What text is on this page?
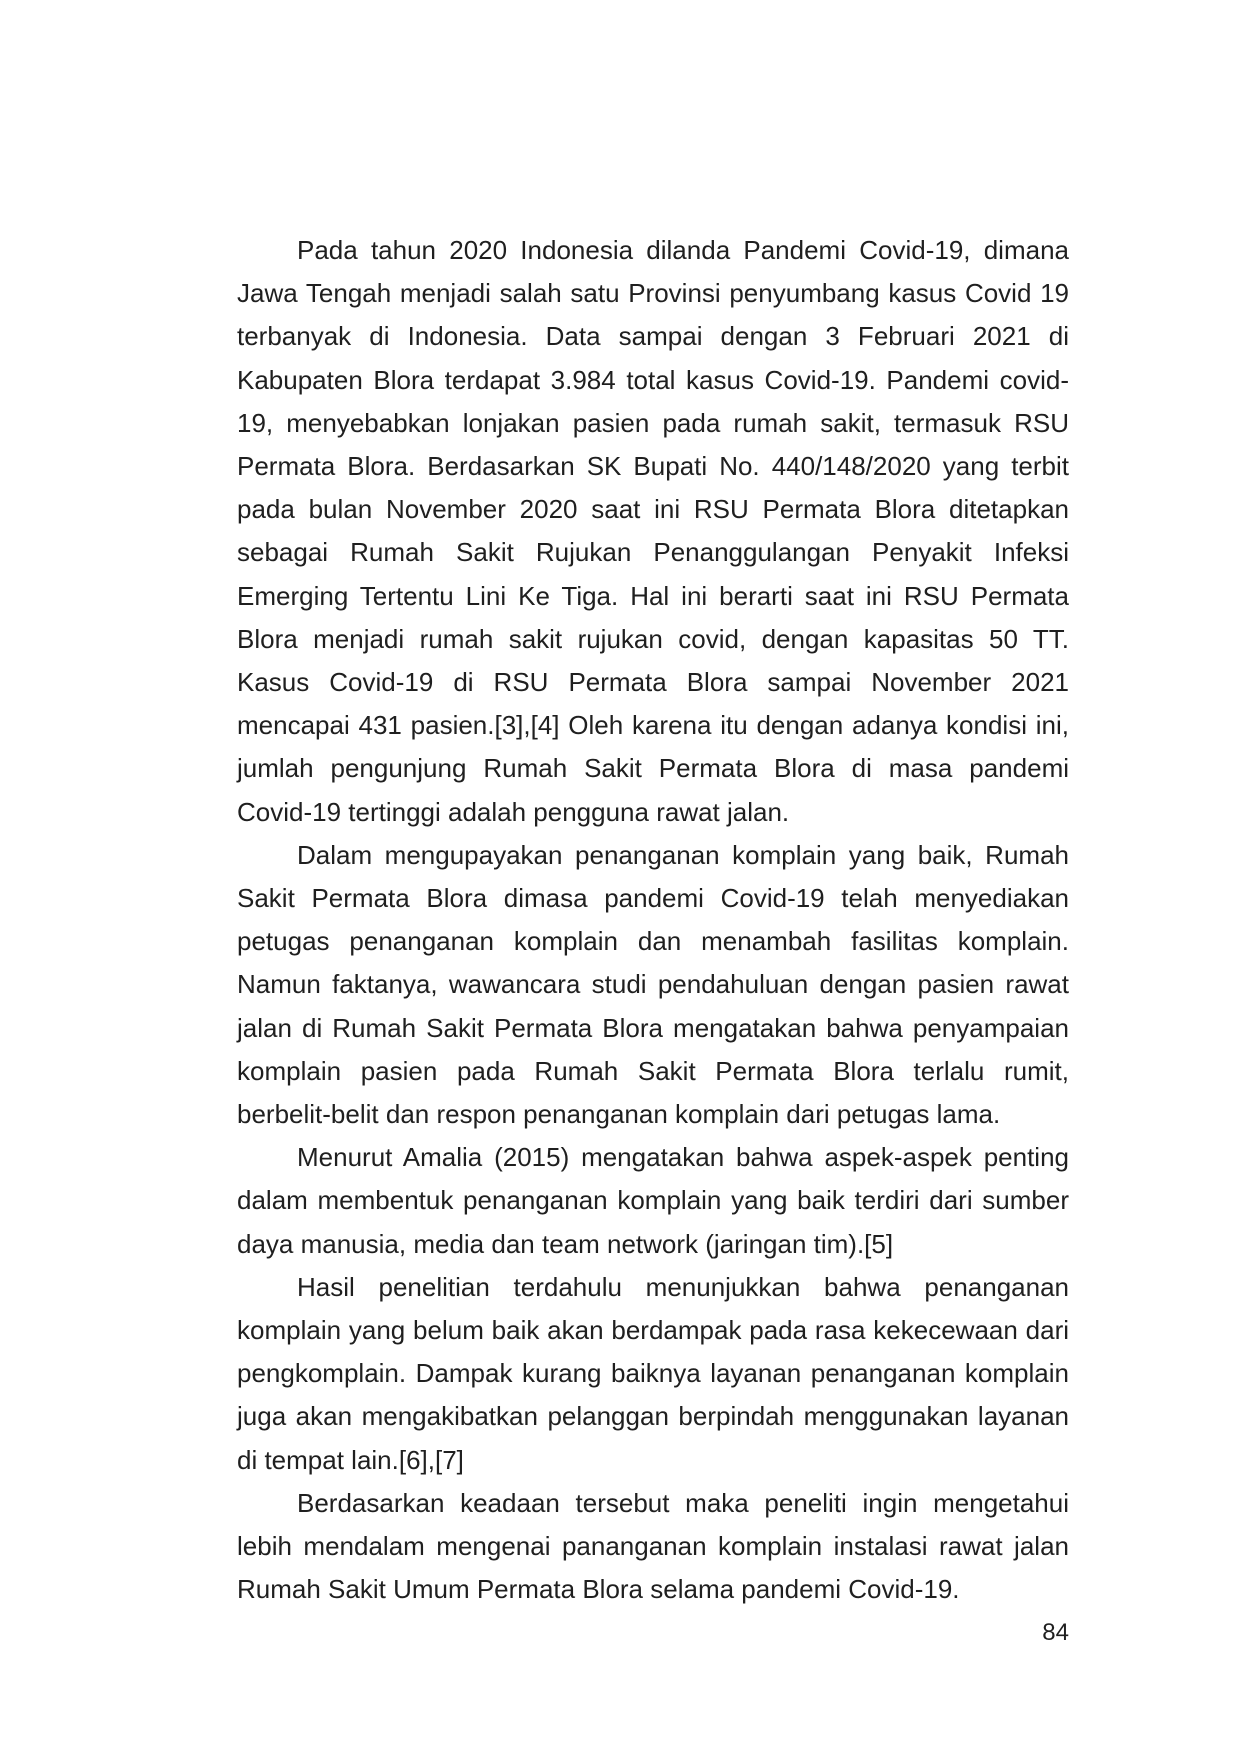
Pada tahun 2020 Indonesia dilanda Pandemi Covid-19, dimana Jawa Tengah menjadi salah satu Provinsi penyumbang kasus Covid 19 terbanyak di Indonesia. Data sampai dengan 3 Februari 2021 di Kabupaten Blora terdapat 3.984 total kasus Covid-19. Pandemi covid-19, menyebabkan lonjakan pasien pada rumah sakit, termasuk RSU Permata Blora. Berdasarkan SK Bupati No. 440/148/2020 yang terbit pada bulan November 2020 saat ini RSU Permata Blora ditetapkan sebagai Rumah Sakit Rujukan Penanggulangan Penyakit Infeksi Emerging Tertentu Lini Ke Tiga. Hal ini berarti saat ini RSU Permata Blora menjadi rumah sakit rujukan covid, dengan kapasitas 50 TT. Kasus Covid-19 di RSU Permata Blora sampai November 2021 mencapai 431 pasien.[3],[4] Oleh karena itu dengan adanya kondisi ini, jumlah pengunjung Rumah Sakit Permata Blora di masa pandemi Covid-19 tertinggi adalah pengguna rawat jalan.

Dalam mengupayakan penanganan komplain yang baik, Rumah Sakit Permata Blora dimasa pandemi Covid-19 telah menyediakan petugas penanganan komplain dan menambah fasilitas komplain. Namun faktanya, wawancara studi pendahuluan dengan pasien rawat jalan di Rumah Sakit Permata Blora mengatakan bahwa penyampaian komplain pasien pada Rumah Sakit Permata Blora terlalu rumit, berbelit-belit dan respon penanganan komplain dari petugas lama.

Menurut Amalia (2015) mengatakan bahwa aspek-aspek penting dalam membentuk penanganan komplain yang baik terdiri dari sumber daya manusia, media dan team network (jaringan tim).[5]

Hasil penelitian terdahulu menunjukkan bahwa penanganan komplain yang belum baik akan berdampak pada rasa kekecewaan dari pengkomplain. Dampak kurang baiknya layanan penanganan komplain juga akan mengakibatkan pelanggan berpindah menggunakan layanan di tempat lain.[6],[7]

Berdasarkan keadaan tersebut maka peneliti ingin mengetahui lebih mendalam mengenai pananganan komplain instalasi rawat jalan Rumah Sakit Umum Permata Blora selama pandemi Covid-19.

84
